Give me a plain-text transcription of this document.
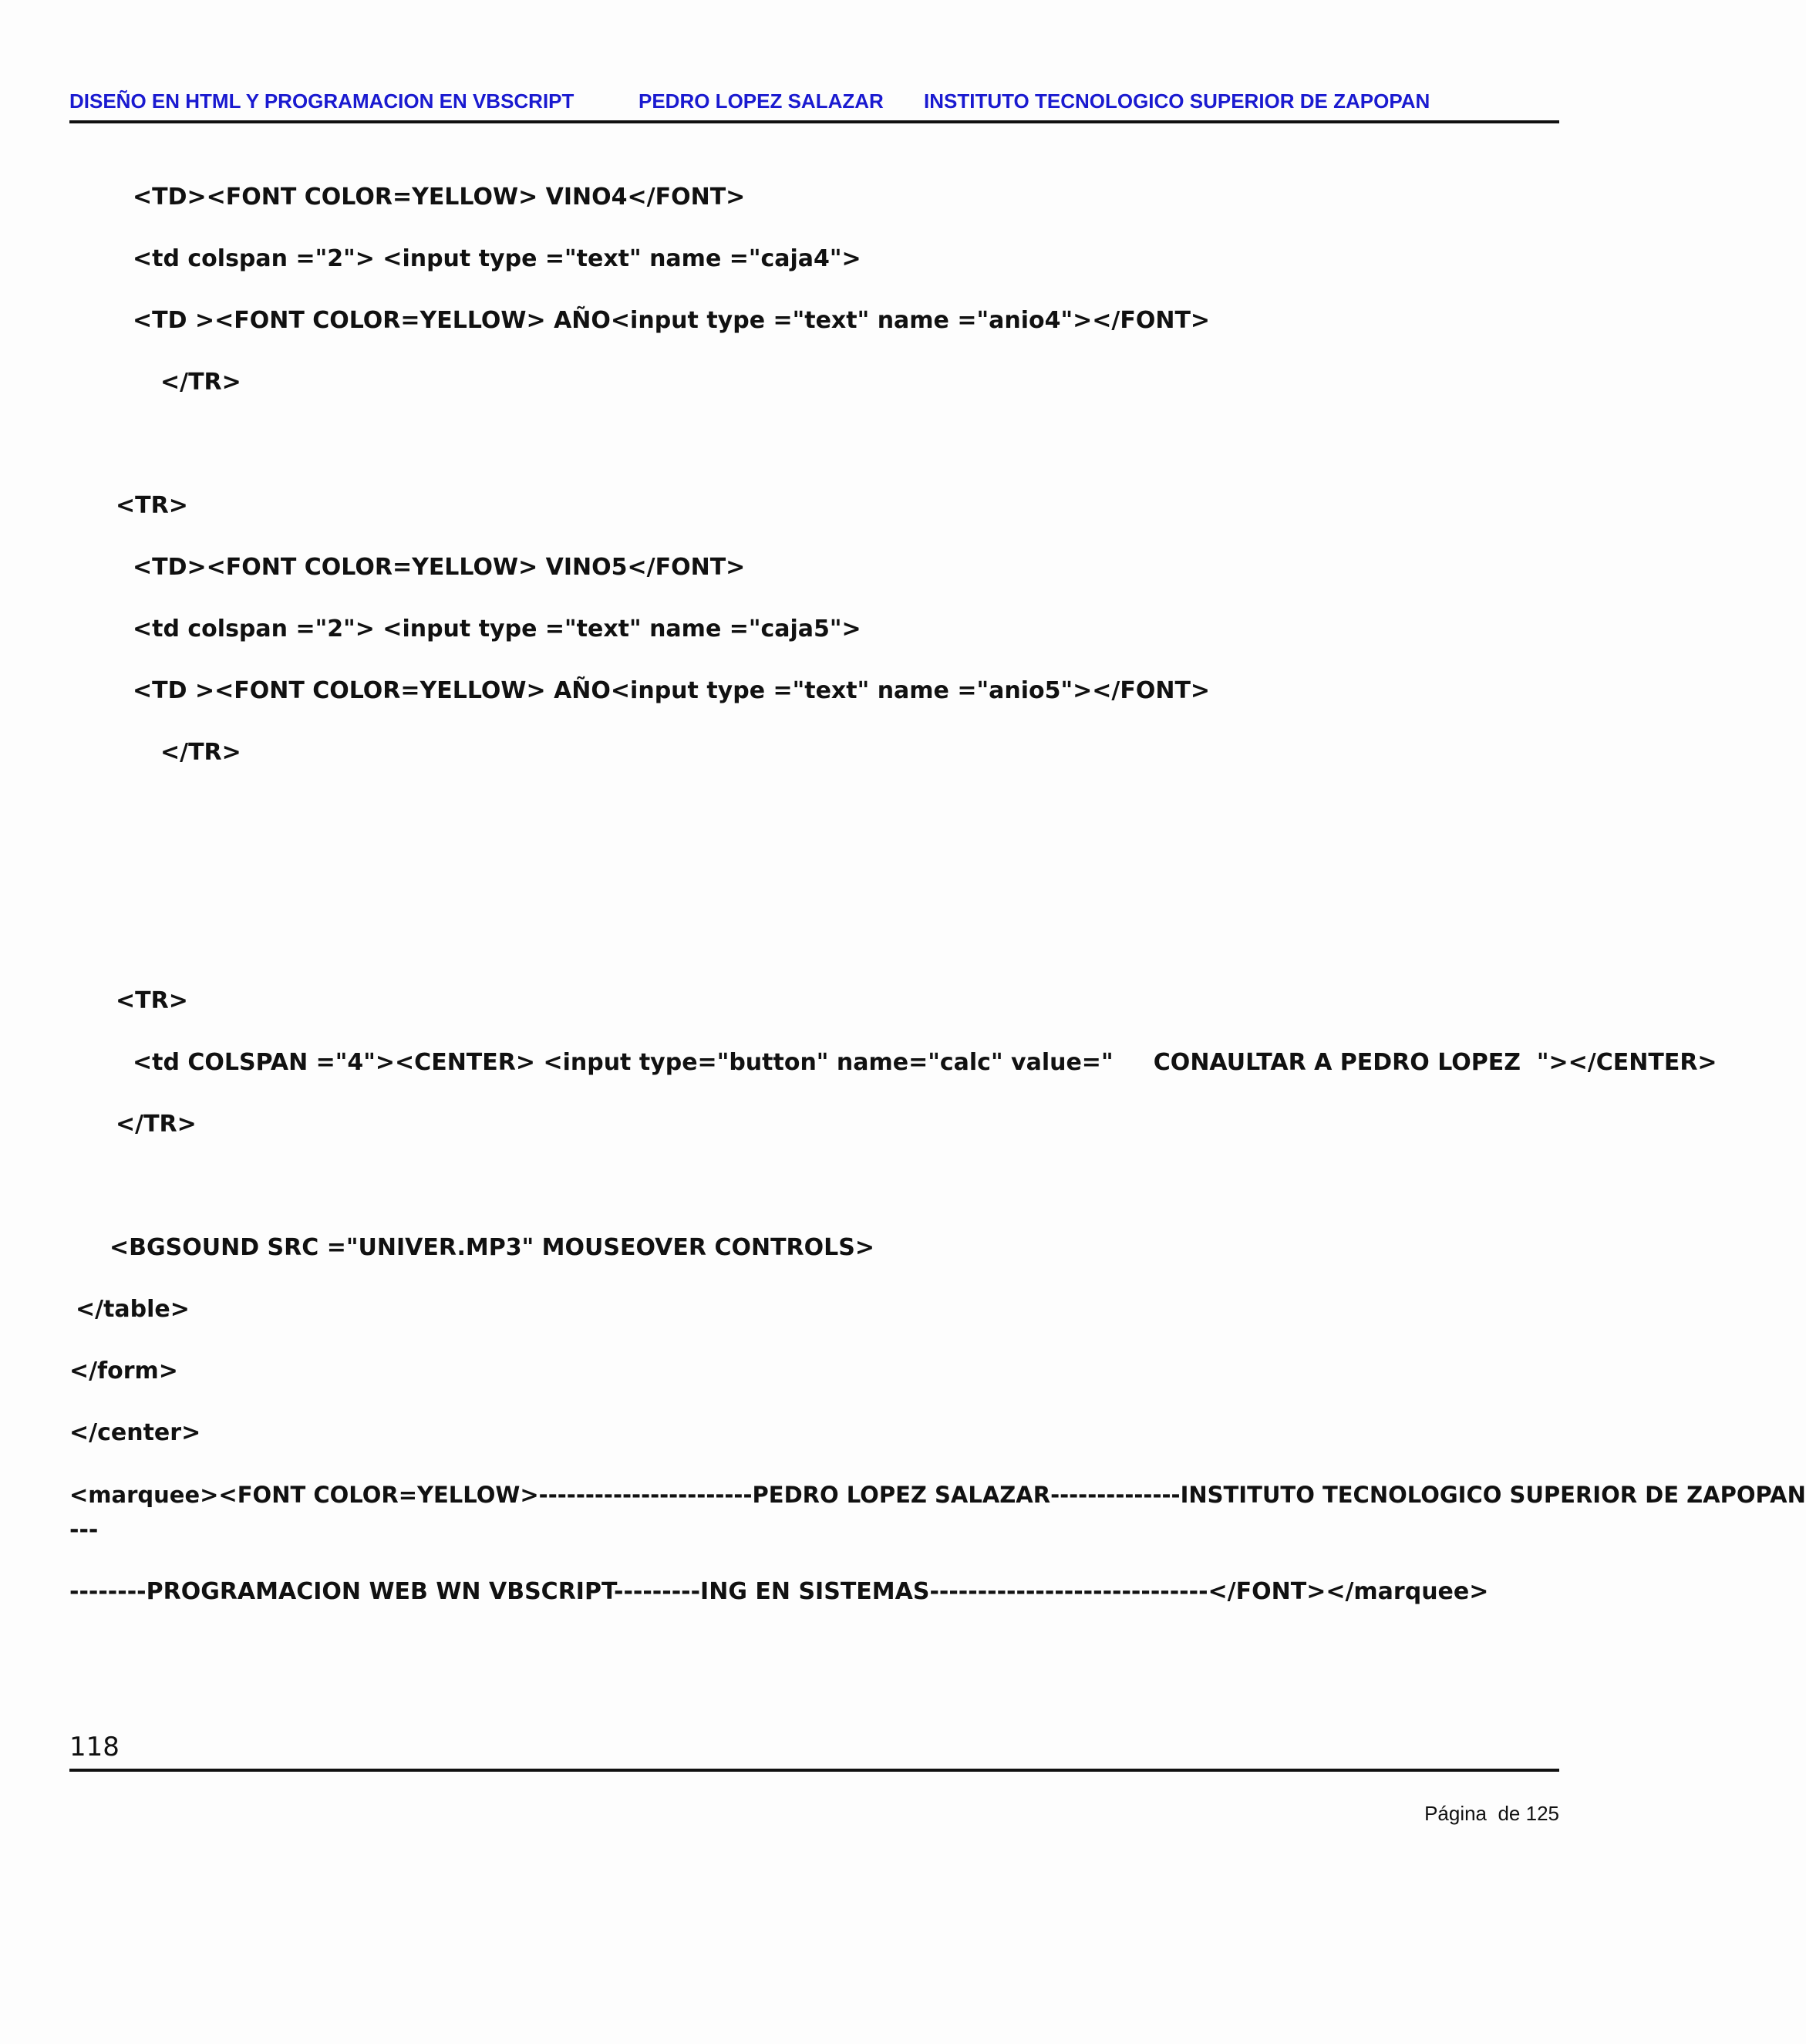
DISEÑO EN HTML Y PROGRAMACION EN VBSCRIPT	PEDRO LOPEZ SALAZAR INSTITUTO TECNOLOGICO SUPERIOR DE ZAPOPAN
<TD><FONT COLOR=YELLOW> VINO4</FONT>
<td colspan ="2"> <input type ="text" name ="caja4">
<TD ><FONT COLOR=YELLOW> AÑO<input type ="text" name ="anio4"></FONT>
</TR>
<TR>
<TD><FONT COLOR=YELLOW> VINO5</FONT>
<td colspan ="2"> <input type ="text" name ="caja5">
<TD ><FONT COLOR=YELLOW> AÑO<input type ="text" name ="anio5"></FONT>
</TR>
<TR>
<td COLSPAN ="4"><CENTER> <input type="button" name="calc" value="     CONAULTAR A PEDRO LOPEZ  "></CENTER>
</TR>
<BGSOUND SRC ="UNIVER.MP3" MOUSEOVER CONTROLS>
</table>
</form>
</center>
<marquee><FONT COLOR=YELLOW>-----------------------PEDRO LOPEZ SALAZAR--------------INSTITUTO TECNOLOGICO SUPERIOR DE ZAPOPAN
---
--------PROGRAMACION WEB WN VBSCRIPT---------ING EN SISTEMAS-----------------------------</FONT></marquee>
118
Página  de 125
